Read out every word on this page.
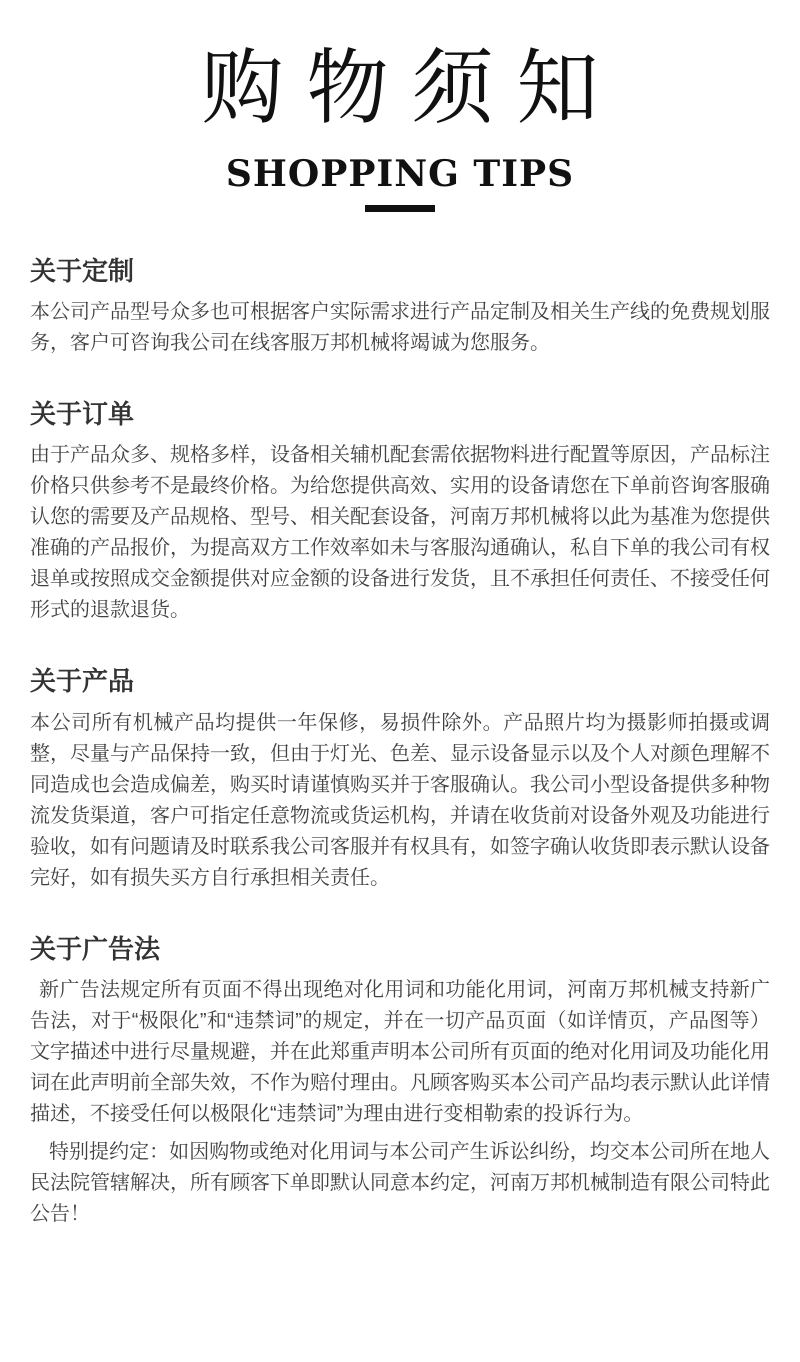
购物须知
SHOPPING TIPS
关于定制

本公司产品型号众多也可根据客户实际需求进行产品定制及相关生产线的免费规划服务，客户可咨询我公司在线客服万邦机械将竭诚为您服务。

关于订单

由于产品众多、规格多样，设备相关辅机配套需依据物料进行配置等原因，产品标注价格只供参考不是最终价格。为给您提供高效、实用的设备请您在下单前咨询客服确认您的需要及产品规格、型号、相关配套设备，河南万邦机械将以此为基准为您提供准确的产品报价，为提高双方工作效率如未与客服沟通确认，私自下单的我公司有权退单或按照成交金额提供对应金额的设备进行发货，且不承担任何责任、不接受任何形式的退款退货。

关于产品

本公司所有机械产品均提供一年保修，易损件除外。产品照片均为摄影师拍摄或调整，尽量与产品保持一致，但由于灯光、色差、显示设备显示以及个人对颜色理解不同造成也会造成偏差，购买时请谨慎购买并于客服确认。我公司小型设备提供多种物流发货渠道，客户可指定任意物流或货运机构，并请在收货前对设备外观及功能进行验收，如有问题请及时联系我公司客服并有权具有，如签字确认收货即表示默认设备完好，如有损失买方自行承担相关责任。

关于广告法

新广告法规定所有页面不得出现绝对化用词和功能化用词，河南万邦机械支持新广告法，对于“极限化”和“违禁词”的规定，并在一切产品页面（如详情页，产品图等）文字描述中进行尽量规避，并在此郑重声明本公司所有页面的绝对化用词及功能化用词在此声明前全部失效，不作为赔付理由。凡顾客购买本公司产品均表示默认此详情描述，不接受任何以极限化“违禁词”为理由进行变相勒索的投诉行为。

特别提约定：如因购物或绝对化用词与本公司产生诉讼纠纷，均交本公司所在地人民法院管辖解决，所有顾客下单即默认同意本约定，河南万邦机械制造有限公司特此公告！
